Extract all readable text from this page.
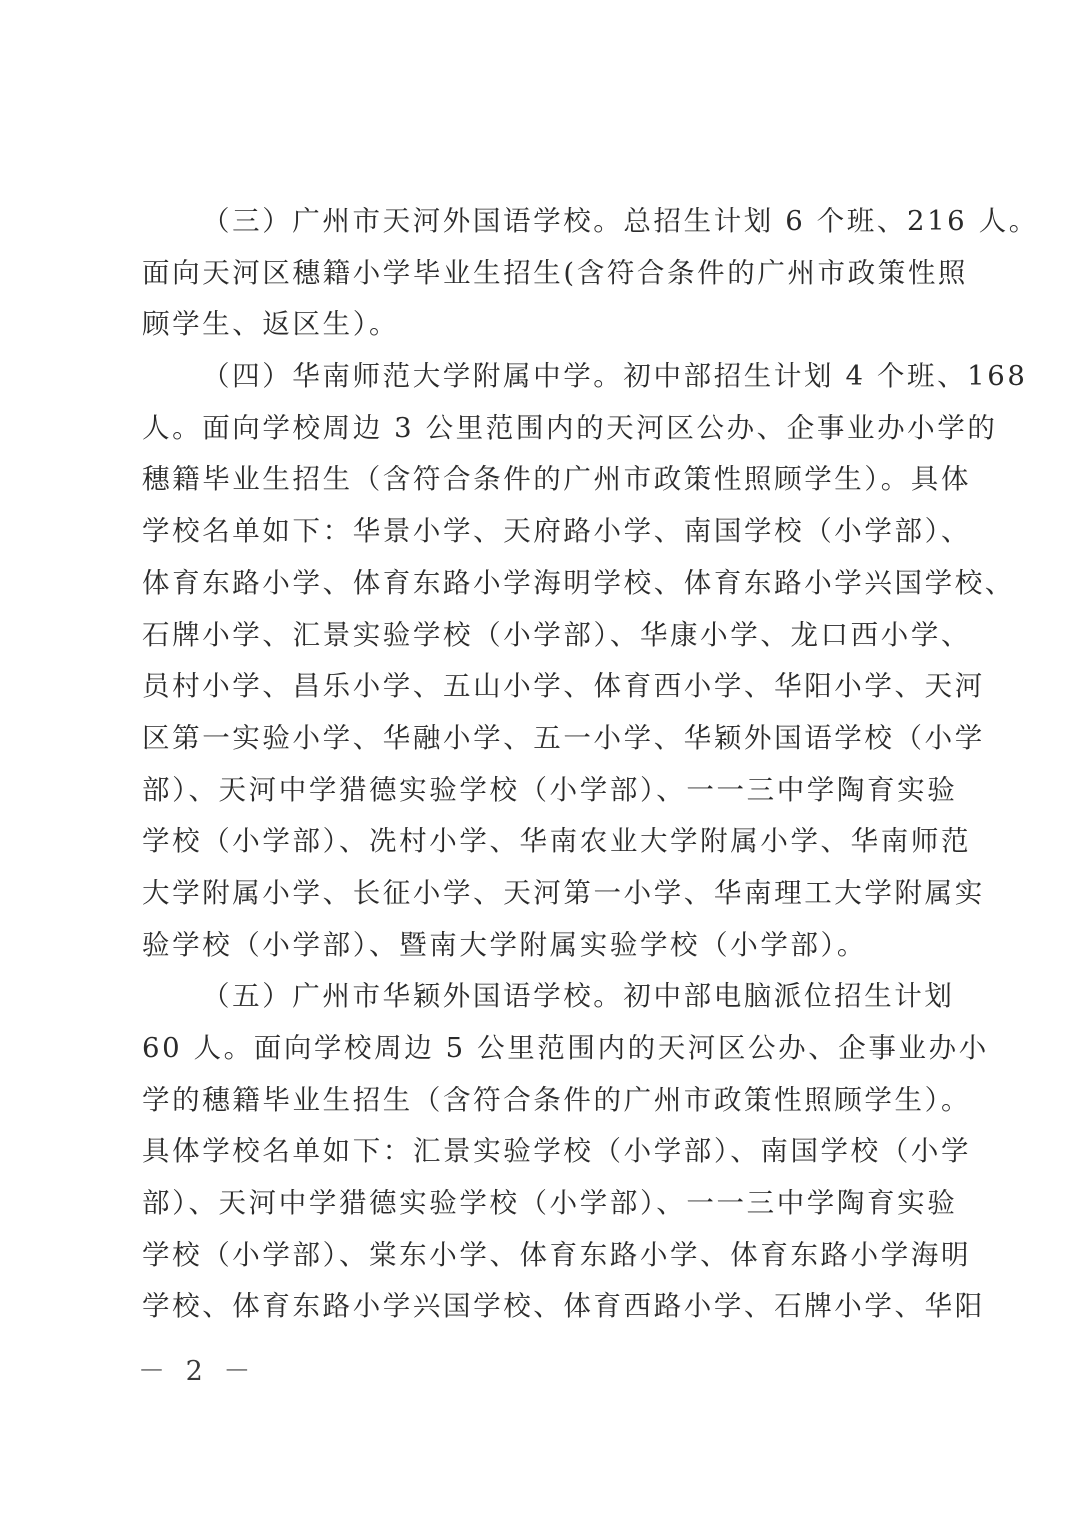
（三）广州市天河外国语学校。总招生计划 6 个班、216 人。
面向天河区穗籍小学毕业生招生(含符合条件的广州市政策性照
顾学生、返区生）。
（四）华南师范大学附属中学。初中部招生计划 4 个班、168
人。面向学校周边 3 公里范围内的天河区公办、企事业办小学的
穗籍毕业生招生（含符合条件的广州市政策性照顾学生）。具体
学校名单如下：华景小学、天府路小学、南国学校（小学部）、
体育东路小学、体育东路小学海明学校、体育东路小学兴国学校、
石牌小学、汇景实验学校（小学部）、华康小学、龙口西小学、
员村小学、昌乐小学、五山小学、体育西小学、华阳小学、天河
区第一实验小学、华融小学、五一小学、华颖外国语学校（小学
部）、天河中学猎德实验学校（小学部）、一一三中学陶育实验
学校（小学部）、冼村小学、华南农业大学附属小学、华南师范
大学附属小学、长征小学、天河第一小学、华南理工大学附属实
验学校（小学部）、暨南大学附属实验学校（小学部）。
（五）广州市华颖外国语学校。初中部电脑派位招生计划
60 人。面向学校周边 5 公里范围内的天河区公办、企事业办小
学的穗籍毕业生招生（含符合条件的广州市政策性照顾学生）。
具体学校名单如下：汇景实验学校（小学部）、南国学校（小学
部）、天河中学猎德实验学校（小学部）、一一三中学陶育实验
学校（小学部）、棠东小学、体育东路小学、体育东路小学海明
学校、体育东路小学兴国学校、体育西路小学、石牌小学、华阳
－ 2 －
